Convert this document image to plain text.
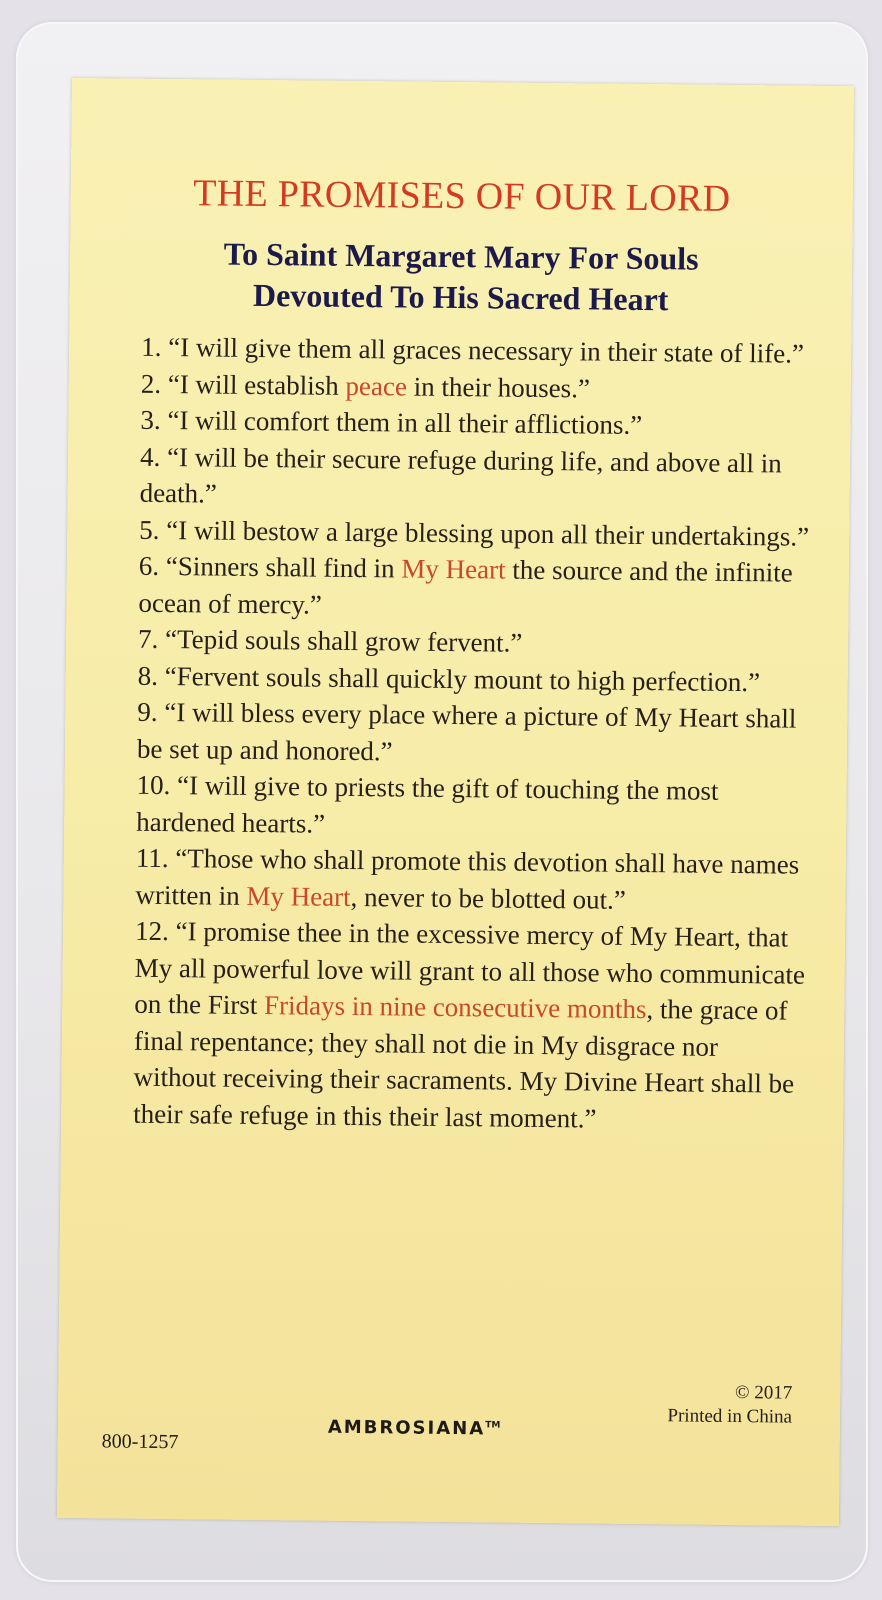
THE PROMISES OF OUR LORD
To Saint Margaret Mary For Souls
Devouted To His Sacred Heart

1. “I will give them all graces necessary in their state of life.”

2. “I will establish peace in their houses.”

3. “I will comfort them in all their afflictions.”

4. “I will be their secure refuge during life, and above all in death.”

5. “I will bestow a large blessing upon all their undertakings.”

6. “Sinners shall find in My Heart the source and the infinite ocean of mercy.”

7. “Tepid souls shall grow fervent.”

8. “Fervent souls shall quickly mount to high perfection.”

9. “I will bless every place where a picture of My Heart shall be set up and honored.”

10. “I will give to priests the gift of touching the most hardened hearts.”

11. “Those who shall promote this devotion shall have names written in My Heart, never to be blotted out.”

12. “I promise thee in the excessive mercy of My Heart, that My all powerful love will grant to all those who communicate on the First Fridays in nine consecutive months, the grace of final repentance; they shall not die in My disgrace nor without receiving their sacraments. My Divine Heart shall be their safe refuge in this their last moment.”

© 2017
Printed in China
AMBROSIANA™
800-1257
